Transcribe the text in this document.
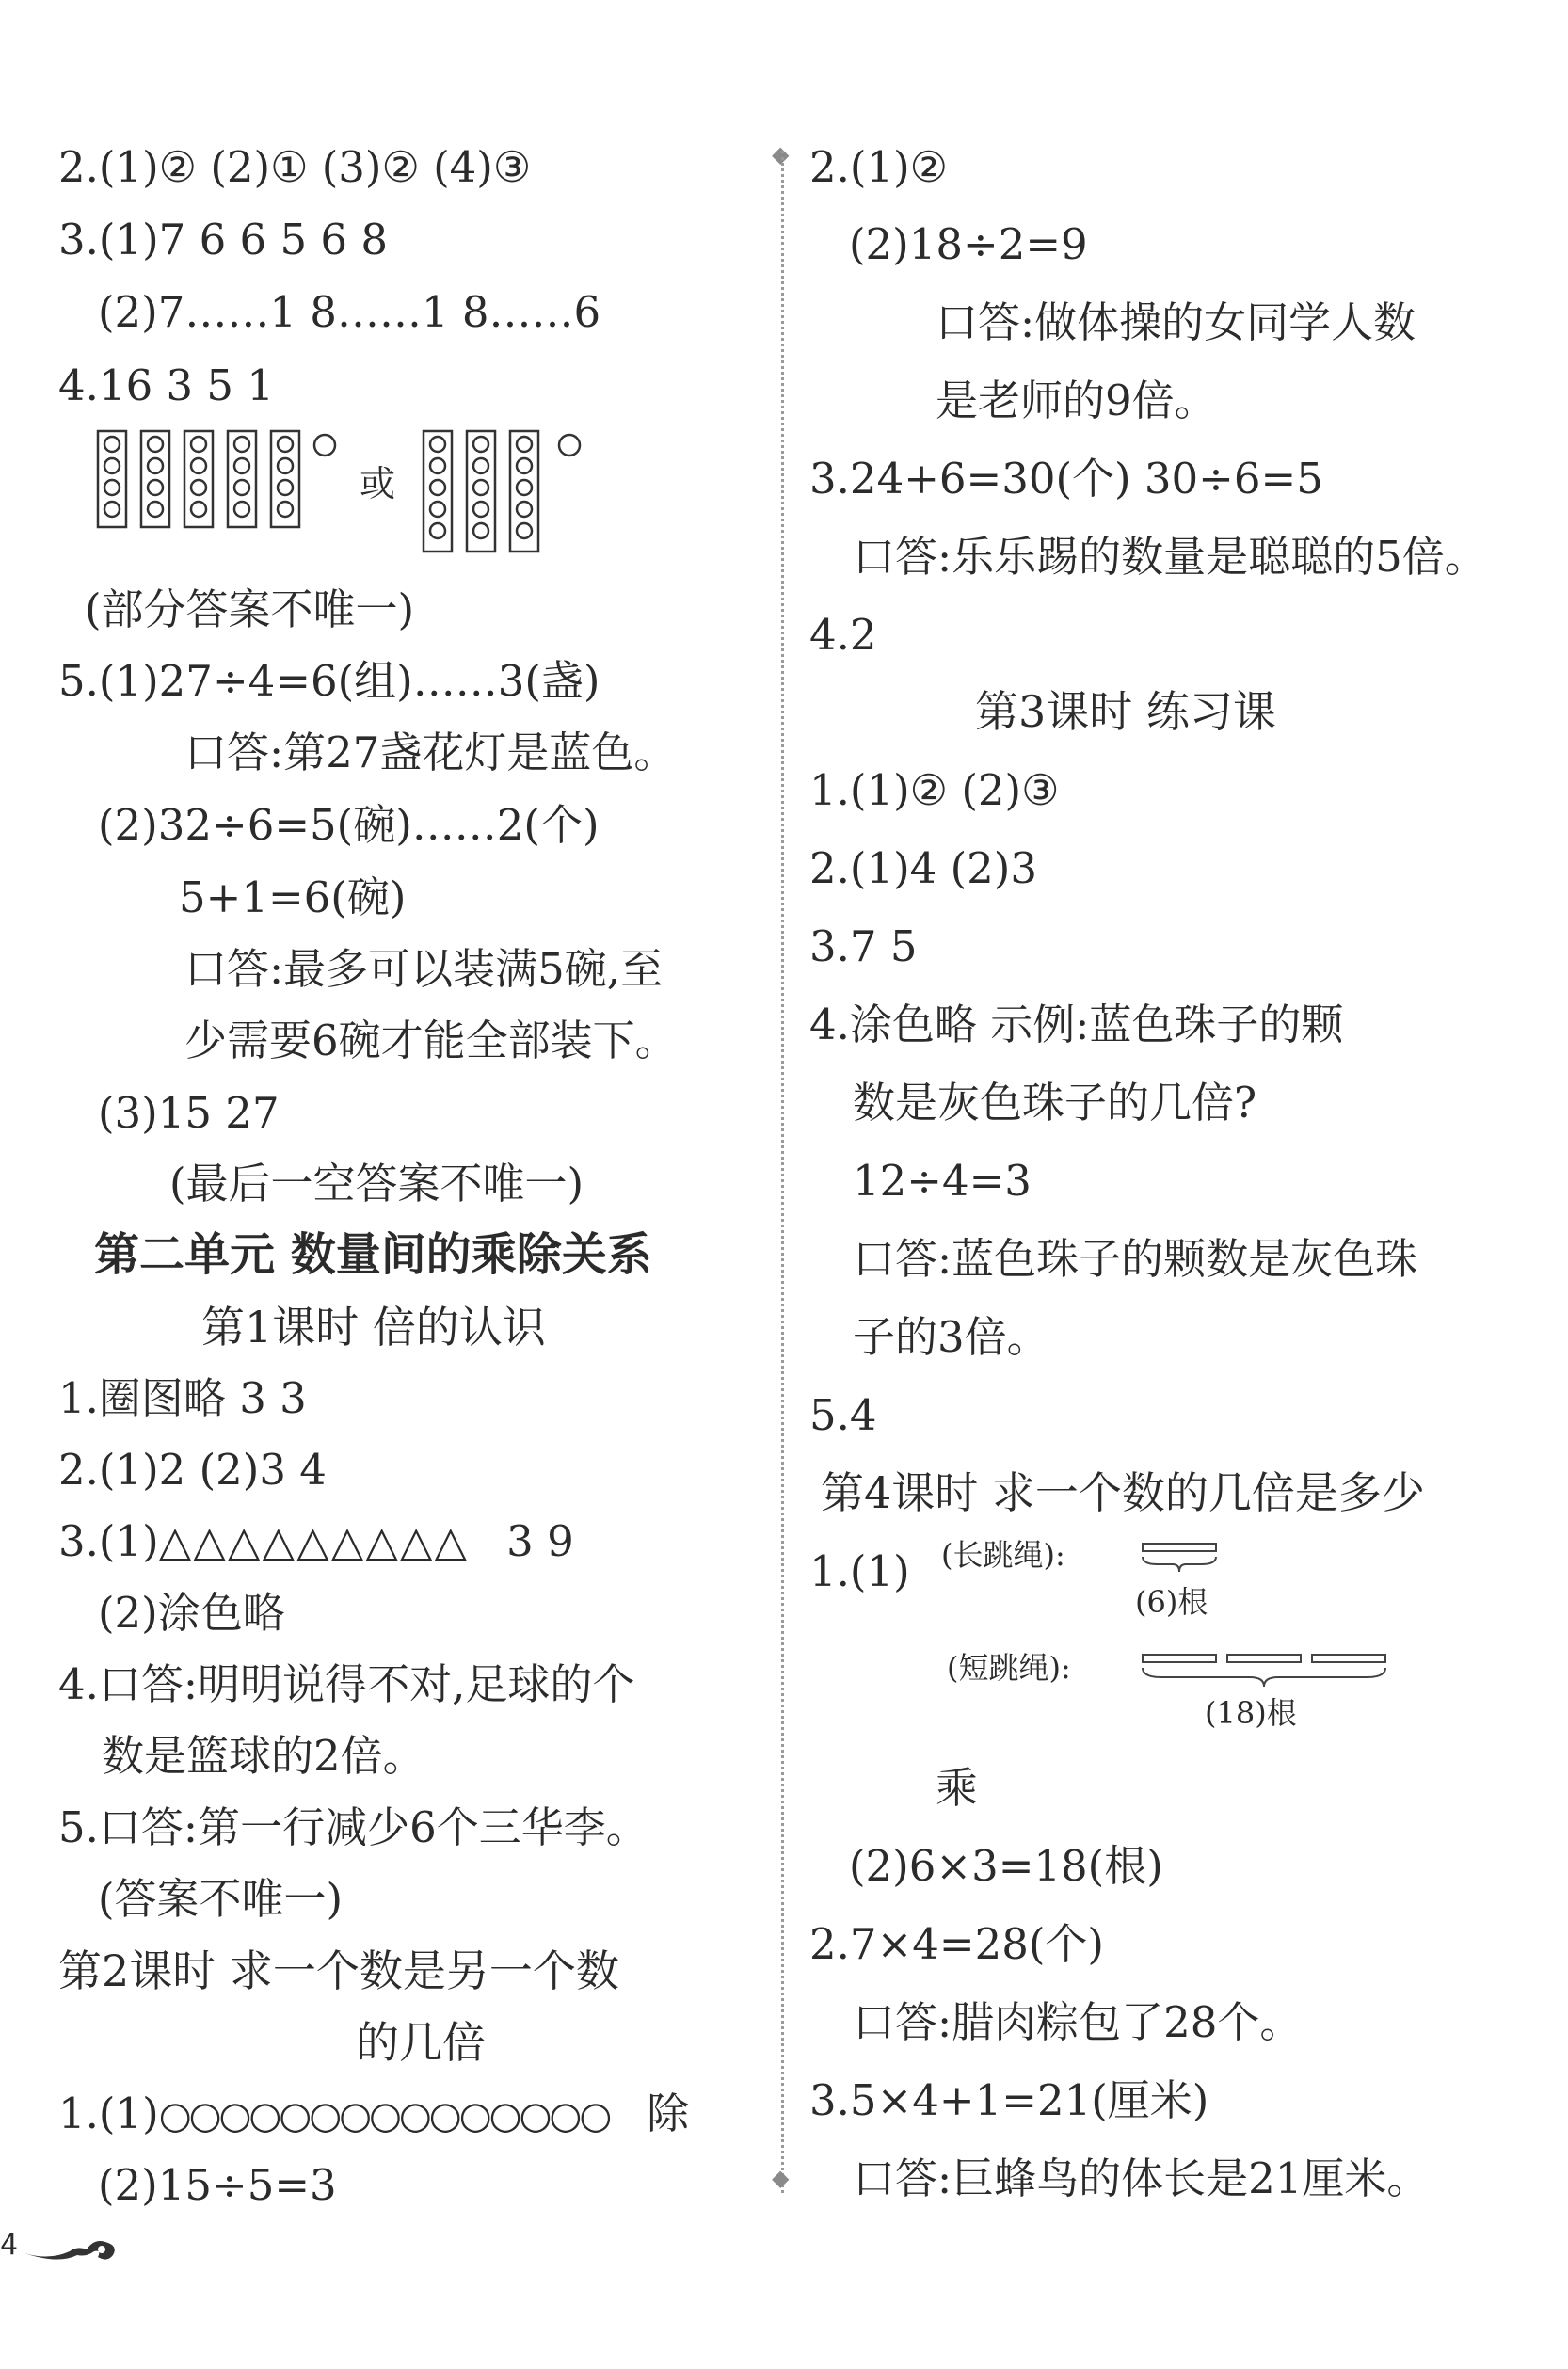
2.(1)② (2)① (3)② (4)③
3.(1)7 6 6 5 6 8
(2)7……1 8……1 8……6
4.16 3 5 1
或
(部分答案不唯一)
5.(1)27÷4=6(组)……3(盏)
口答:第27盏花灯是蓝色。
(2)32÷6=5(碗)……2(个)
5+1=6(碗)
口答:最多可以装满5碗,至
少需要6碗才能全部装下。
(3)15 27
(最后一空答案不唯一)
第二单元 数量间的乘除关系
第1课时 倍的认识
1.圈图略 3 3
2.(1)2 (2)3 4
3.(1)△△△△△△△△△ 3 9
(2)涂色略
4.口答:明明说得不对,足球的个
数是篮球的2倍。
5.口答:第一行减少6个三华李。
(答案不唯一)
第2课时 求一个数是另一个数
的几倍
1.(1)○○○○○○○○○○○○○○○ 除
(2)15÷5=3
◆
◆
2.(1)②
(2)18÷2=9
口答:做体操的女同学人数
是老师的9倍。
3.24+6=30(个) 30÷6=5
口答:乐乐踢的数量是聪聪的5倍。
4.2
第3课时 练习课
1.(1)② (2)③
2.(1)4 (2)3
3.7 5
4.涂色略 示例:蓝色珠子的颗
数是灰色珠子的几倍?
12÷4=3
口答:蓝色珠子的颗数是灰色珠
子的3倍。
5.4
第4课时 求一个数的几倍是多少
1.(1) (长跳绳):
(6)根
(短跳绳):
(18)根
乘
(2)6×3=18(根)
2.7×4=28(个)
口答:腊肉粽包了28个。
3.5×4+1=21(厘米)
口答:巨蜂鸟的体长是21厘米。
4
